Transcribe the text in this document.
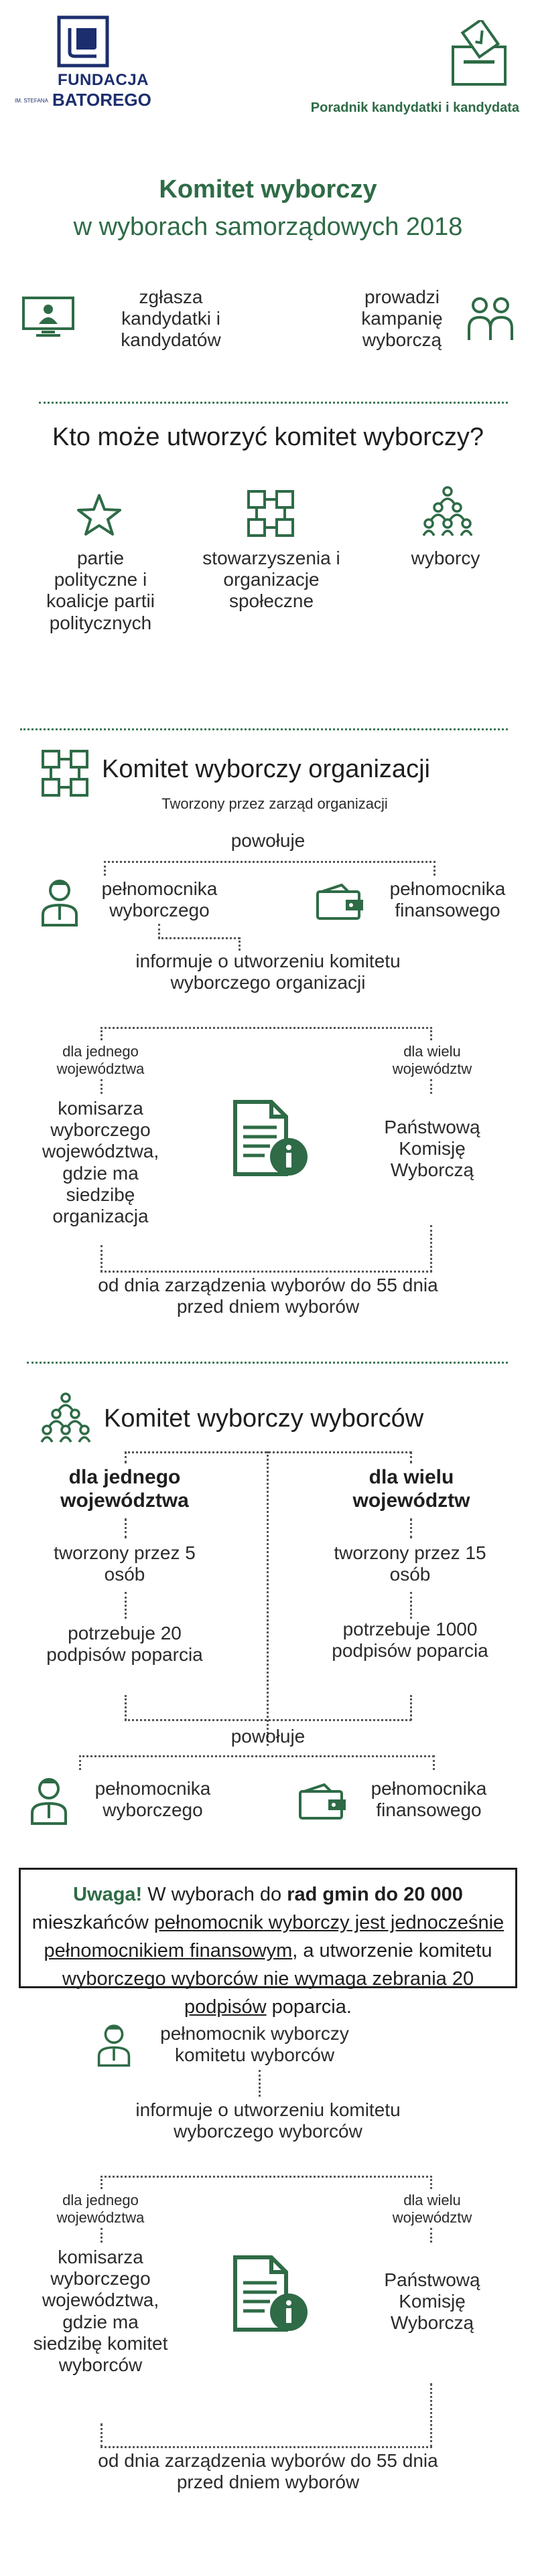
FUNDACJA
IM. STEFANA BATOREGO	Poradnik kandydatki i kandydata
Komitet wyborczy
w wyborach samorządowych 2018
zgłasza kandydatki i kandydatów
prowadzi kampanię wyborczą
Kto może utworzyć komitet wyborczy?
partie polityczne i koalicje partii politycznych
stowarzyszenia i organizacje społeczne
wyborcy
Komitet wyborczy organizacji
Tworzony przez zarząd organizacji
powołuje
pełnomocnika wyborczego
pełnomocnika finansowego
informuje o utworzeniu komitetu wyborczego organizacji
dla jednego województwa
dla wielu województw
komisarza wyborczego województwa, gdzie ma siedzibę organizacja
Państwową Komisję Wyborczą
od dnia zarządzenia wyborów do 55 dnia przed dniem wyborów
Komitet wyborczy wyborców
dla jednego województwa
dla wielu województw
tworzony przez 5 osób
tworzony przez 15 osób
potrzebuje 20 podpisów poparcia
potrzebuje 1000 podpisów poparcia
powołuje
pełnomocnika wyborczego
pełnomocnika finansowego
Uwaga! W wyborach do rad gmin do 20 000 mieszkańców pełnomocnik wyborczy jest jednocześnie pełnomocnikiem finansowym, a utworzenie komitetu wyborczego wyborców nie wymaga zebrania 20 podpisów poparcia.
pełnomocnik wyborczy komitetu wyborców
informuje o utworzeniu komitetu wyborczego wyborców
dla jednego województwa
dla wielu województw
komisarza wyborczego województwa, gdzie ma siedzibę komitet wyborców
Państwową Komisję Wyborczą
od dnia zarządzenia wyborów do 55 dnia przed dniem wyborów
